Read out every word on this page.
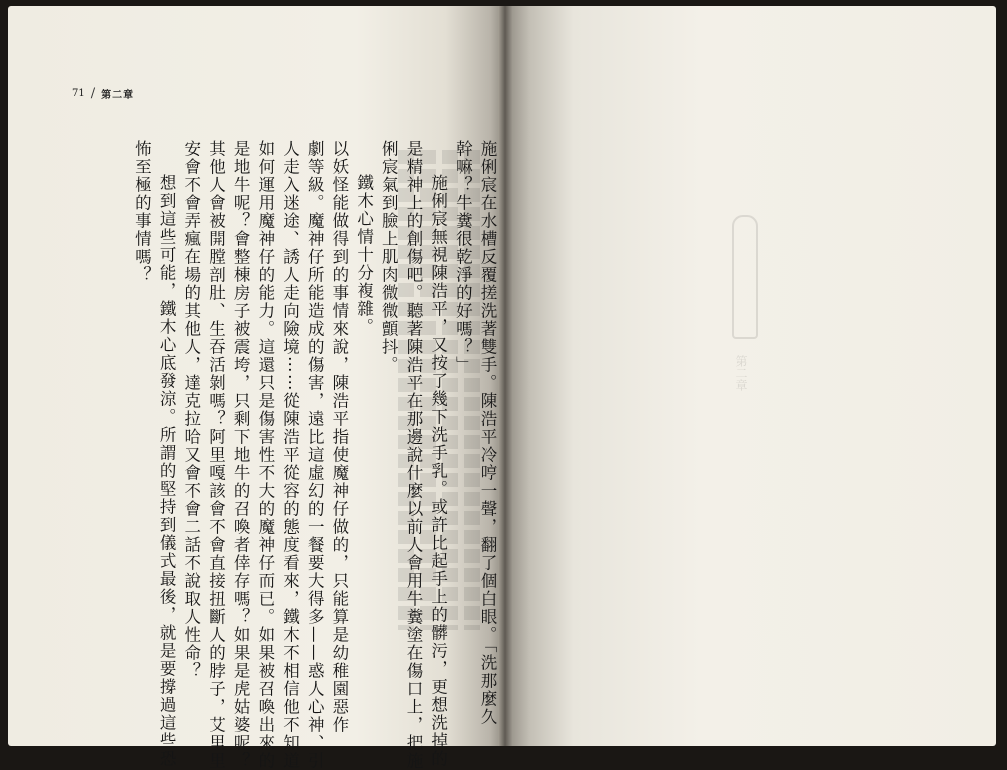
71 / 第二章
施俐宸在水槽反覆搓洗著雙手。陳浩平冷哼一聲，翻了個白眼。「洗那麼久
幹嘛？牛糞很乾淨的好嗎？」
施俐宸無視陳浩平，又按了幾下洗手乳。或許比起手上的髒污，更想洗掉的
是精神上的創傷吧。聽著陳浩平在那邊說什麼以前人會用牛糞塗在傷口上，把施
俐宸氣到臉上肌肉微微顫抖。
鐵木心情十分複雜。
以妖怪能做得到的事情來說，陳浩平指使魔神仔做的，只能算是幼稚園惡作
劇等級。魔神仔所能造成的傷害，遠比這虛幻的一餐要大得多——惑人心神、引
人走入迷途、誘人走向險境⋯⋯從陳浩平從容的態度看來，鐵木不相信他不知道
如何運用魔神仔的能力。這還只是傷害性不大的魔神仔而已。如果被召喚出來的
是地牛呢？會整棟房子被震垮，只剩下地牛的召喚者倖存嗎？如果是虎姑婆呢？
其他人會被開膛剖肚、生吞活剝嗎？阿里嘎該會不會直接扭斷人的脖子，艾里里
安會不會弄瘋在場的其他人，達克拉哈又會不會二話不說取人性命？
想到這些可能，鐵木心底發涼。所謂的堅持到儀式最後，就是要撐過這些恐
怖至極的事情嗎？
第二章
